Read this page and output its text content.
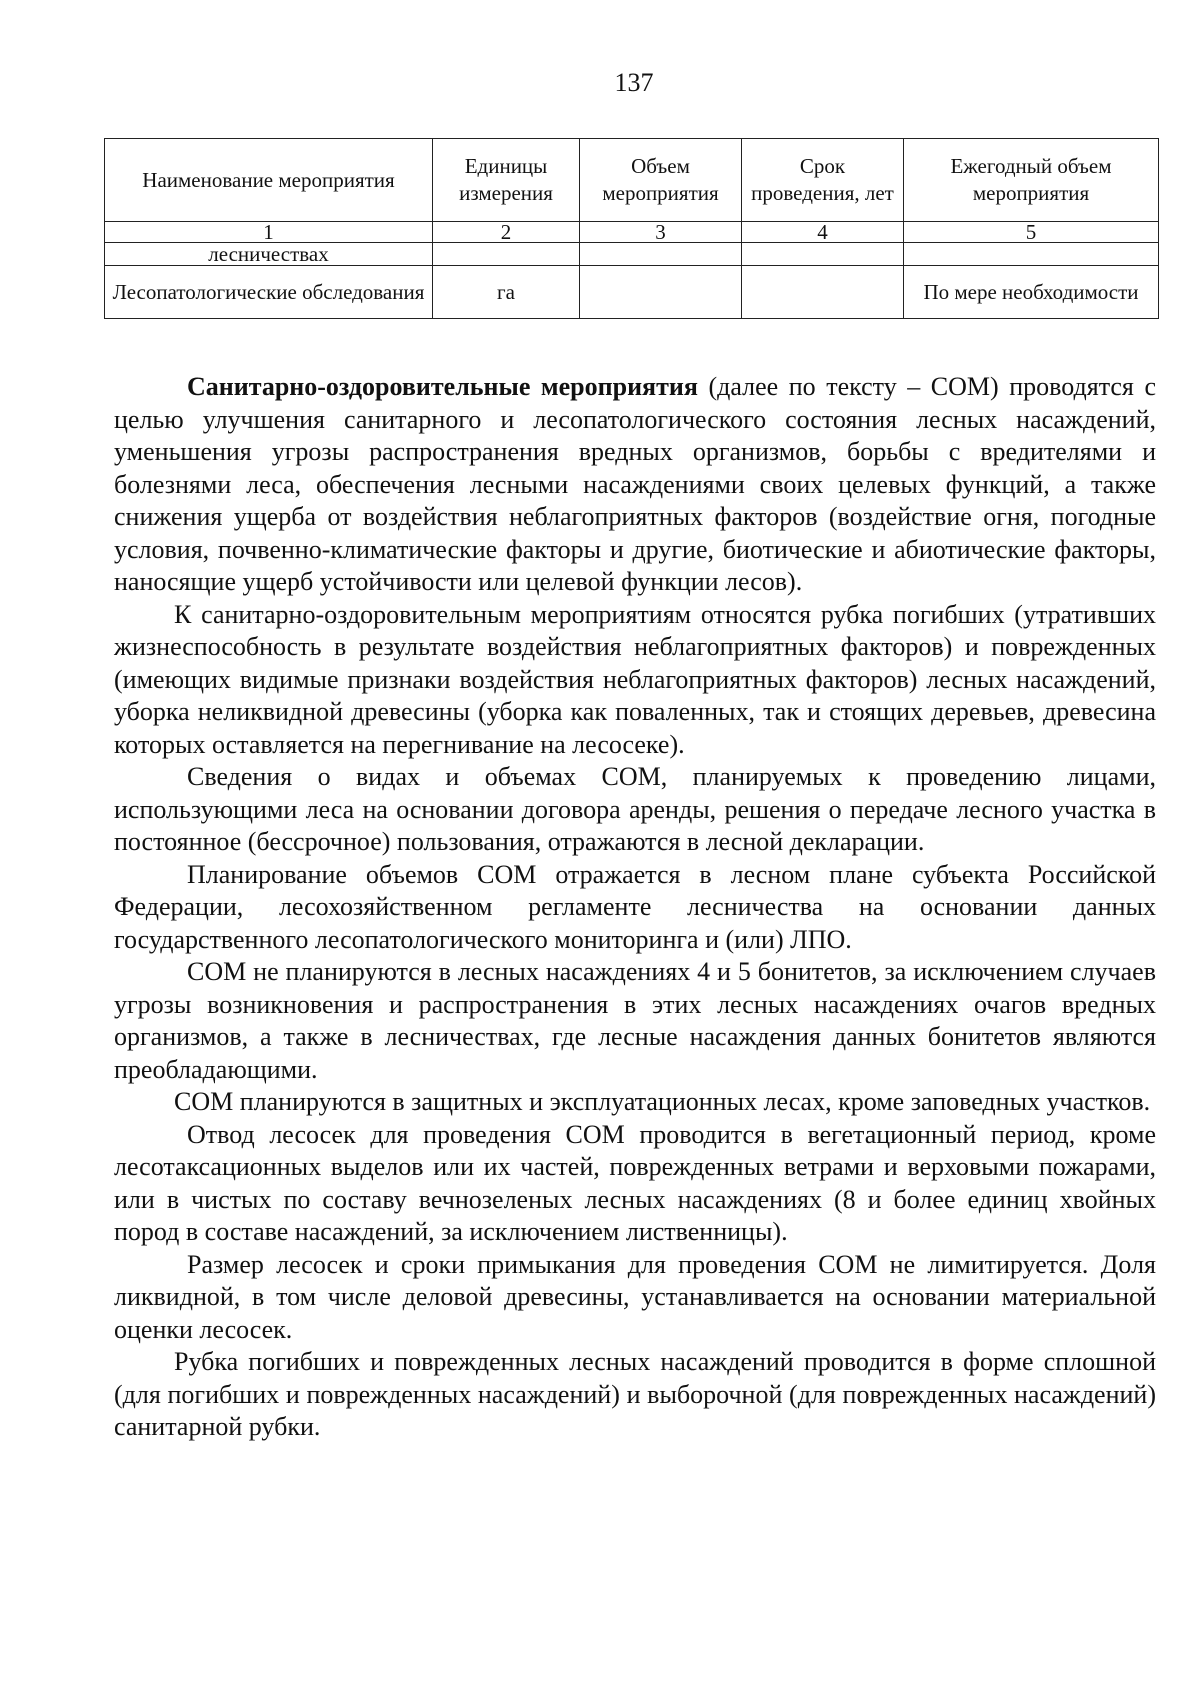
137
Наименование мероприятия	Единицы измерения	Объем мероприятия	Срок проведения, лет	Ежегодный объем мероприятия
1	2	3	4	5
лесничествах				
Лесопатологические обследования	га			По мере необходимости

Санитарно-оздоровительные мероприятия (далее по тексту – СОМ) проводятся с целью улучшения санитарного и лесопатологического состояния лесных насаждений, уменьшения угрозы распространения вредных организмов, борьбы с вредителями и болезнями леса, обеспечения лесными насаждениями своих целевых функций, а также снижения ущерба от воздействия неблагоприятных факторов (воздействие огня, погодные условия, почвенно-климатические факторы и другие, биотические и абиотические факторы, наносящие ущерб устойчивости или целевой функции лесов).

К санитарно-оздоровительным мероприятиям относятся рубка погибших (утративших жизнеспособность в результате воздействия неблагоприятных факторов) и поврежденных (имеющих видимые признаки воздействия неблагоприятных факторов) лесных насаждений, уборка неликвидной древесины (уборка как поваленных, так и стоящих деревьев, древесина которых оставляется на перегнивание на лесосеке).

Сведения о видах и объемах СОМ, планируемых к проведению лицами, использующими леса на основании договора аренды, решения о передаче лесного участка в постоянное (бессрочное) пользования, отражаются в лесной декларации.

Планирование объемов СОМ отражается в лесном плане субъекта Российской Федерации, лесохозяйственном регламенте лесничества на основании данных государственного лесопатологического мониторинга и (или) ЛПО.

СОМ не планируются в лесных насаждениях 4 и 5 бонитетов, за исключением случаев угрозы возникновения и распространения в этих лесных насаждениях очагов вредных организмов, а также в лесничествах, где лесные насаждения данных бонитетов являются преобладающими.

СОМ планируются в защитных и эксплуатационных лесах, кроме заповедных участков.

Отвод лесосек для проведения СОМ проводится в вегетационный период, кроме лесотаксационных выделов или их частей, поврежденных ветрами и верховыми пожарами, или в чистых по составу вечнозеленых лесных насаждениях (8 и более единиц хвойных пород в составе насаждений, за исключением лиственницы).

Размер лесосек и сроки примыкания для проведения СОМ не лимитируется. Доля ликвидной, в том числе деловой древесины, устанавливается на основании материальной оценки лесосек.

Рубка погибших и поврежденных лесных насаждений проводится в форме сплошной (для погибших и поврежденных насаждений) и выборочной (для поврежденных насаждений) санитарной рубки.
